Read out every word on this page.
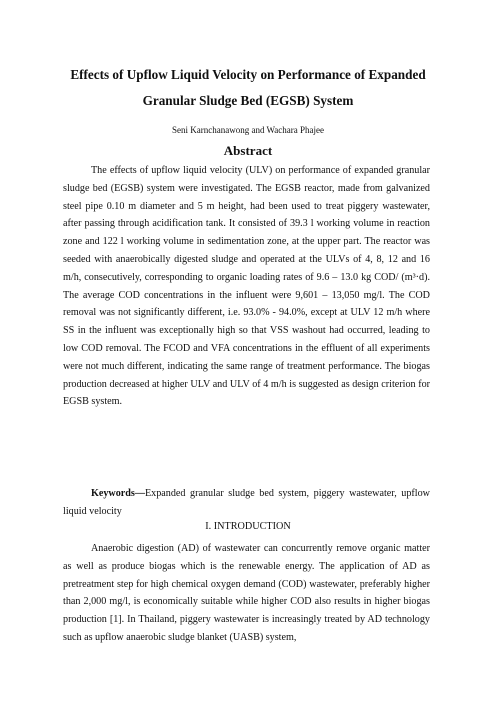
Effects of Upflow Liquid Velocity on Performance of Expanded Granular Sludge Bed (EGSB) System
Seni Karnchanawong and Wachara Phajee
Abstract

The effects of upflow liquid velocity (ULV) on performance of expanded granular sludge bed (EGSB) system were investigated. The EGSB reactor, made from galvanized steel pipe 0.10 m diameter and 5 m height, had been used to treat piggery wastewater, after passing through acidification tank. It consisted of 39.3 l working volume in reaction zone and 122 l working volume in sedimentation zone, at the upper part. The reactor was seeded with anaerobically digested sludge and operated at the ULVs of 4, 8, 12 and 16 m/h, consecutively, corresponding to organic loading rates of 9.6 – 13.0 kg COD/ (m³·d). The average COD concentrations in the influent were 9,601 – 13,050 mg/l. The COD removal was not significantly different, i.e. 93.0% - 94.0%, except at ULV 12 m/h where SS in the influent was exceptionally high so that VSS washout had occurred, leading to low COD removal. The FCOD and VFA concentrations in the effluent of all experiments were not much different, indicating the same range of treatment performance. The biogas production decreased at higher ULV and ULV of 4 m/h is suggested as design criterion for EGSB system.

Keywords—Expanded granular sludge bed system, piggery wastewater, upflow liquid velocity

I. INTRODUCTION

Anaerobic digestion (AD) of wastewater can concurrently remove organic matter as well as produce biogas which is the renewable energy. The application of AD as pretreatment step for high chemical oxygen demand (COD) wastewater, preferably higher than 2,000 mg/l, is economically suitable while higher COD also results in higher biogas production [1]. In Thailand, piggery wastewater is increasingly treated by AD technology such as upflow anaerobic sludge blanket (UASB) system,
